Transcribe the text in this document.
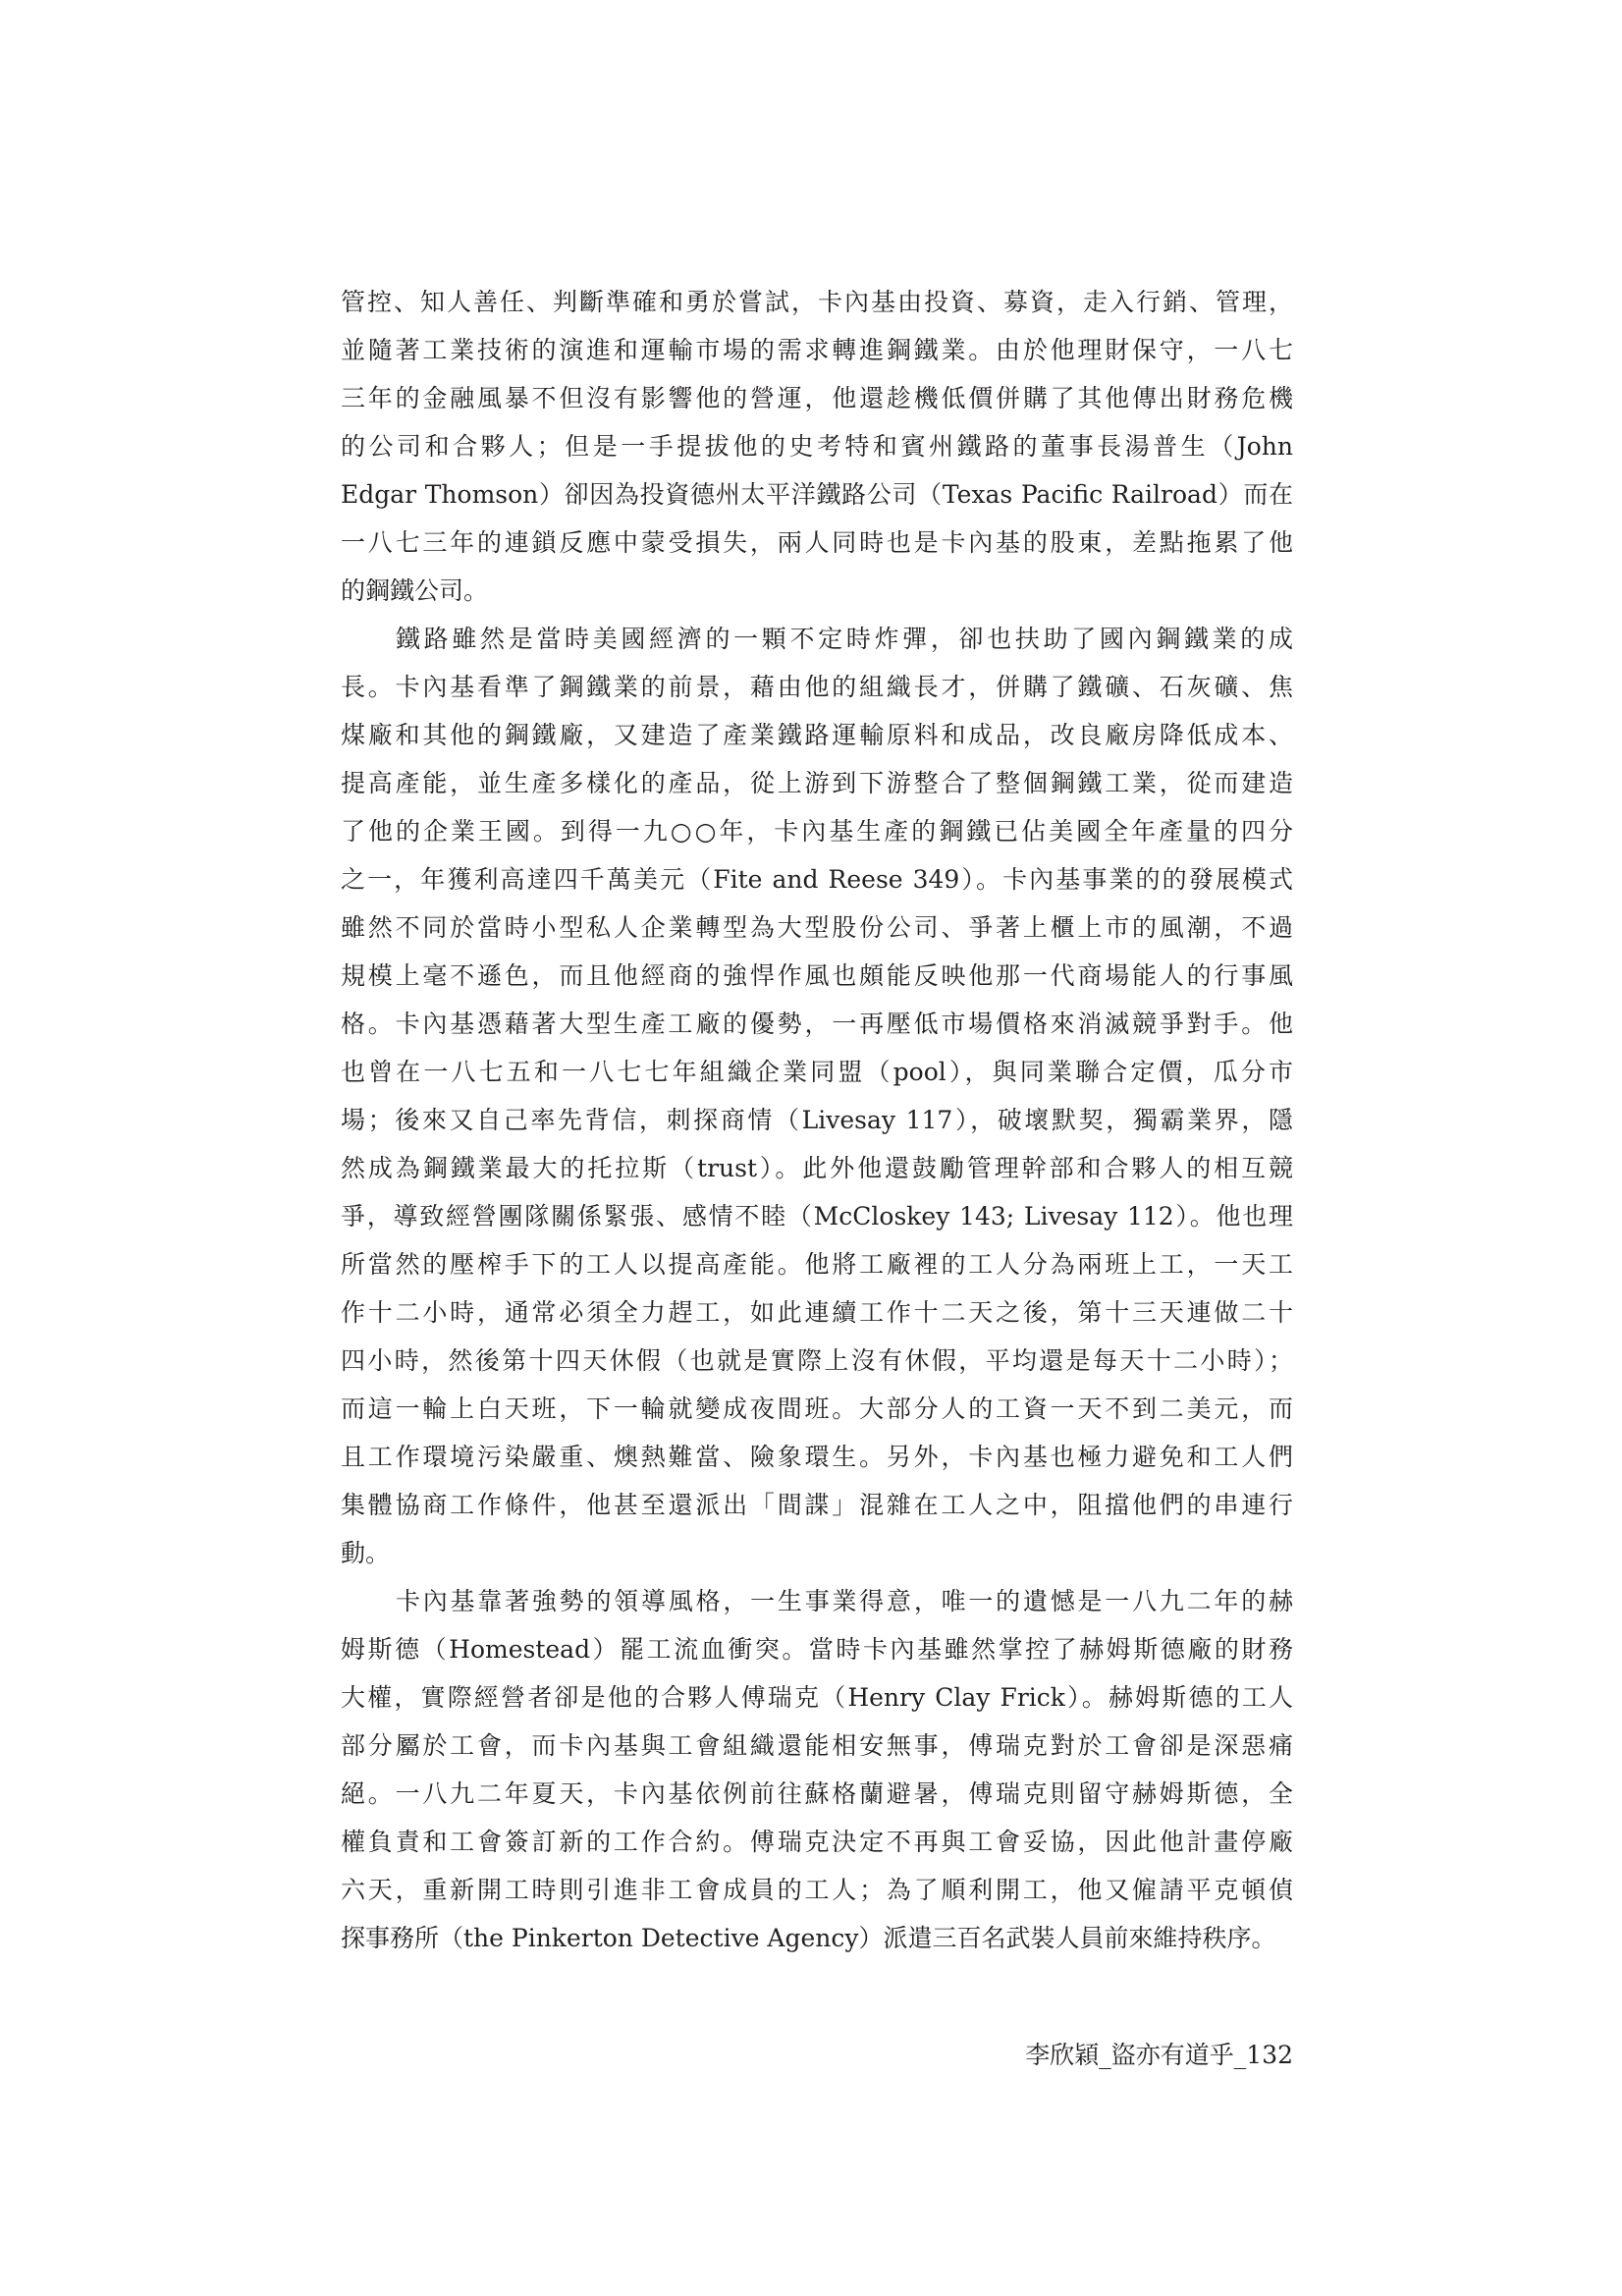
管控、知人善任、判斷準確和勇於嘗試，卡內基由投資、募資，走入行銷、管理，
並隨著工業技術的演進和運輸市場的需求轉進鋼鐵業。由於他理財保守，一八七
三年的金融風暴不但沒有影響他的營運，他還趁機低價併購了其他傳出財務危機
的公司和合夥人；但是一手提拔他的史考特和賓州鐵路的董事長湯普生（John
Edgar Thomson）卻因為投資德州太平洋鐵路公司（Texas Pacific Railroad）而在
一八七三年的連鎖反應中蒙受損失，兩人同時也是卡內基的股東，差點拖累了他
的鋼鐵公司。
鐵路雖然是當時美國經濟的一顆不定時炸彈，卻也扶助了國內鋼鐵業的成
長。卡內基看準了鋼鐵業的前景，藉由他的組織長才，併購了鐵礦、石灰礦、焦
煤廠和其他的鋼鐵廠，又建造了產業鐵路運輸原料和成品，改良廠房降低成本、
提高產能，並生產多樣化的產品，從上游到下游整合了整個鋼鐵工業，從而建造
了他的企業王國。到得一九○○年，卡內基生產的鋼鐵已佔美國全年產量的四分
之一，年獲利高達四千萬美元（Fite and Reese 349）。卡內基事業的的發展模式
雖然不同於當時小型私人企業轉型為大型股份公司、爭著上櫃上市的風潮，不過
規模上毫不遜色，而且他經商的強悍作風也頗能反映他那一代商場能人的行事風
格。卡內基憑藉著大型生產工廠的優勢，一再壓低市場價格來消滅競爭對手。他
也曾在一八七五和一八七七年組織企業同盟（pool），與同業聯合定價，瓜分市
場；後來又自己率先背信，刺探商情（Livesay 117），破壞默契，獨霸業界，隱
然成為鋼鐵業最大的托拉斯（trust）。此外他還鼓勵管理幹部和合夥人的相互競
爭，導致經營團隊關係緊張、感情不睦（McCloskey 143; Livesay 112）。他也理
所當然的壓榨手下的工人以提高產能。他將工廠裡的工人分為兩班上工，一天工
作十二小時，通常必須全力趕工，如此連續工作十二天之後，第十三天連做二十
四小時，然後第十四天休假（也就是實際上沒有休假，平均還是每天十二小時）；
而這一輪上白天班，下一輪就變成夜間班。大部分人的工資一天不到二美元，而
且工作環境污染嚴重、燠熱難當、險象環生。另外，卡內基也極力避免和工人們
集體協商工作條件，他甚至還派出「間諜」混雜在工人之中，阻擋他們的串連行
動。
卡內基靠著強勢的領導風格，一生事業得意，唯一的遺憾是一八九二年的赫
姆斯德（Homestead）罷工流血衝突。當時卡內基雖然掌控了赫姆斯德廠的財務
大權，實際經營者卻是他的合夥人傅瑞克（Henry Clay Frick）。赫姆斯德的工人
部分屬於工會，而卡內基與工會組織還能相安無事，傅瑞克對於工會卻是深惡痛
絕。一八九二年夏天，卡內基依例前往蘇格蘭避暑，傅瑞克則留守赫姆斯德，全
權負責和工會簽訂新的工作合約。傅瑞克決定不再與工會妥協，因此他計畫停廠
六天，重新開工時則引進非工會成員的工人；為了順利開工，他又僱請平克頓偵
探事務所（the Pinkerton Detective Agency）派遣三百名武裝人員前來維持秩序。
李欣穎_盜亦有道乎_132
